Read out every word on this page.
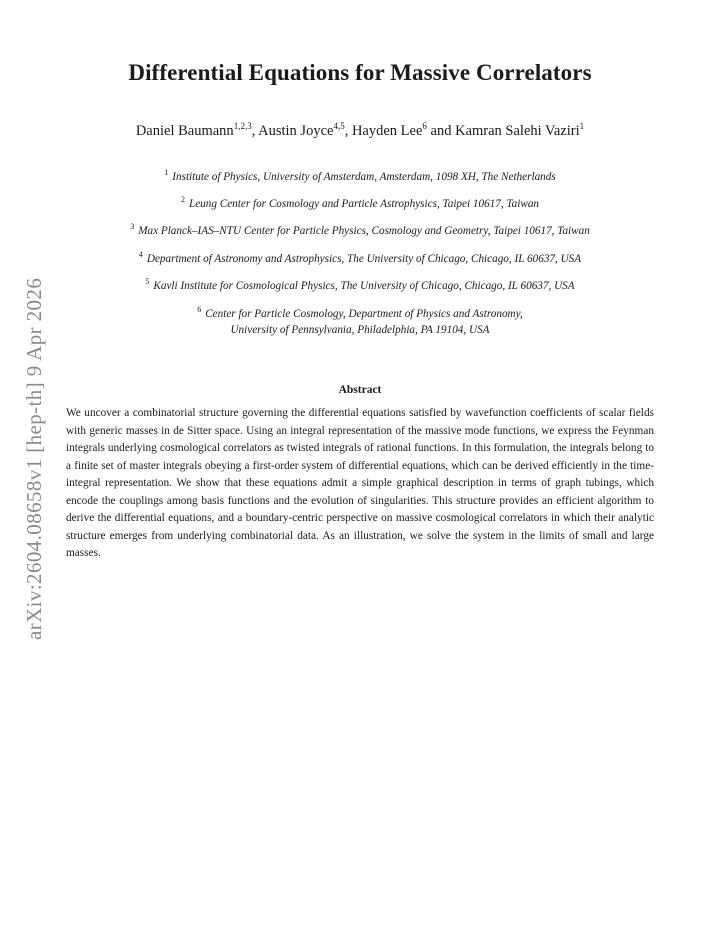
arXiv:2604.08658v1 [hep-th] 9 Apr 2026
Differential Equations for Massive Correlators
Daniel Baumann$^{1,2,3}$, Austin Joyce$^{4,5}$, Hayden Lee$^6$ and Kamran Salehi Vaziri$^1$
$^1$ Institute of Physics, University of Amsterdam, Amsterdam, 1098 XH, The Netherlands
$^2$ Leung Center for Cosmology and Particle Astrophysics, Taipei 10617, Taiwan
$^3$ Max Planck–IAS–NTU Center for Particle Physics, Cosmology and Geometry, Taipei 10617, Taiwan
$^4$ Department of Astronomy and Astrophysics, The University of Chicago, Chicago, IL 60637, USA
$^5$ Kavli Institute for Cosmological Physics, The University of Chicago, Chicago, IL 60637, USA
$^6$ Center for Particle Cosmology, Department of Physics and Astronomy,
University of Pennsylvania, Philadelphia, PA 19104, USA
Abstract
We uncover a combinatorial structure governing the differential equations satisfied by wavefunction coefficients of scalar fields with generic masses in de Sitter space. Using an integral representation of the massive mode functions, we express the Feynman integrals underlying cosmological correlators as twisted integrals of rational functions. In this formulation, the integrals belong to a finite set of master integrals obeying a first-order system of differential equations, which can be derived efficiently in the time-integral representation. We show that these equations admit a simple graphical description in terms of graph tubings, which encode the couplings among basis functions and the evolution of singularities. This structure provides an efficient algorithm to derive the differential equations, and a boundary-centric perspective on massive cosmological correlators in which their analytic structure emerges from underlying combinatorial data. As an illustration, we solve the system in the limits of small and large masses.
